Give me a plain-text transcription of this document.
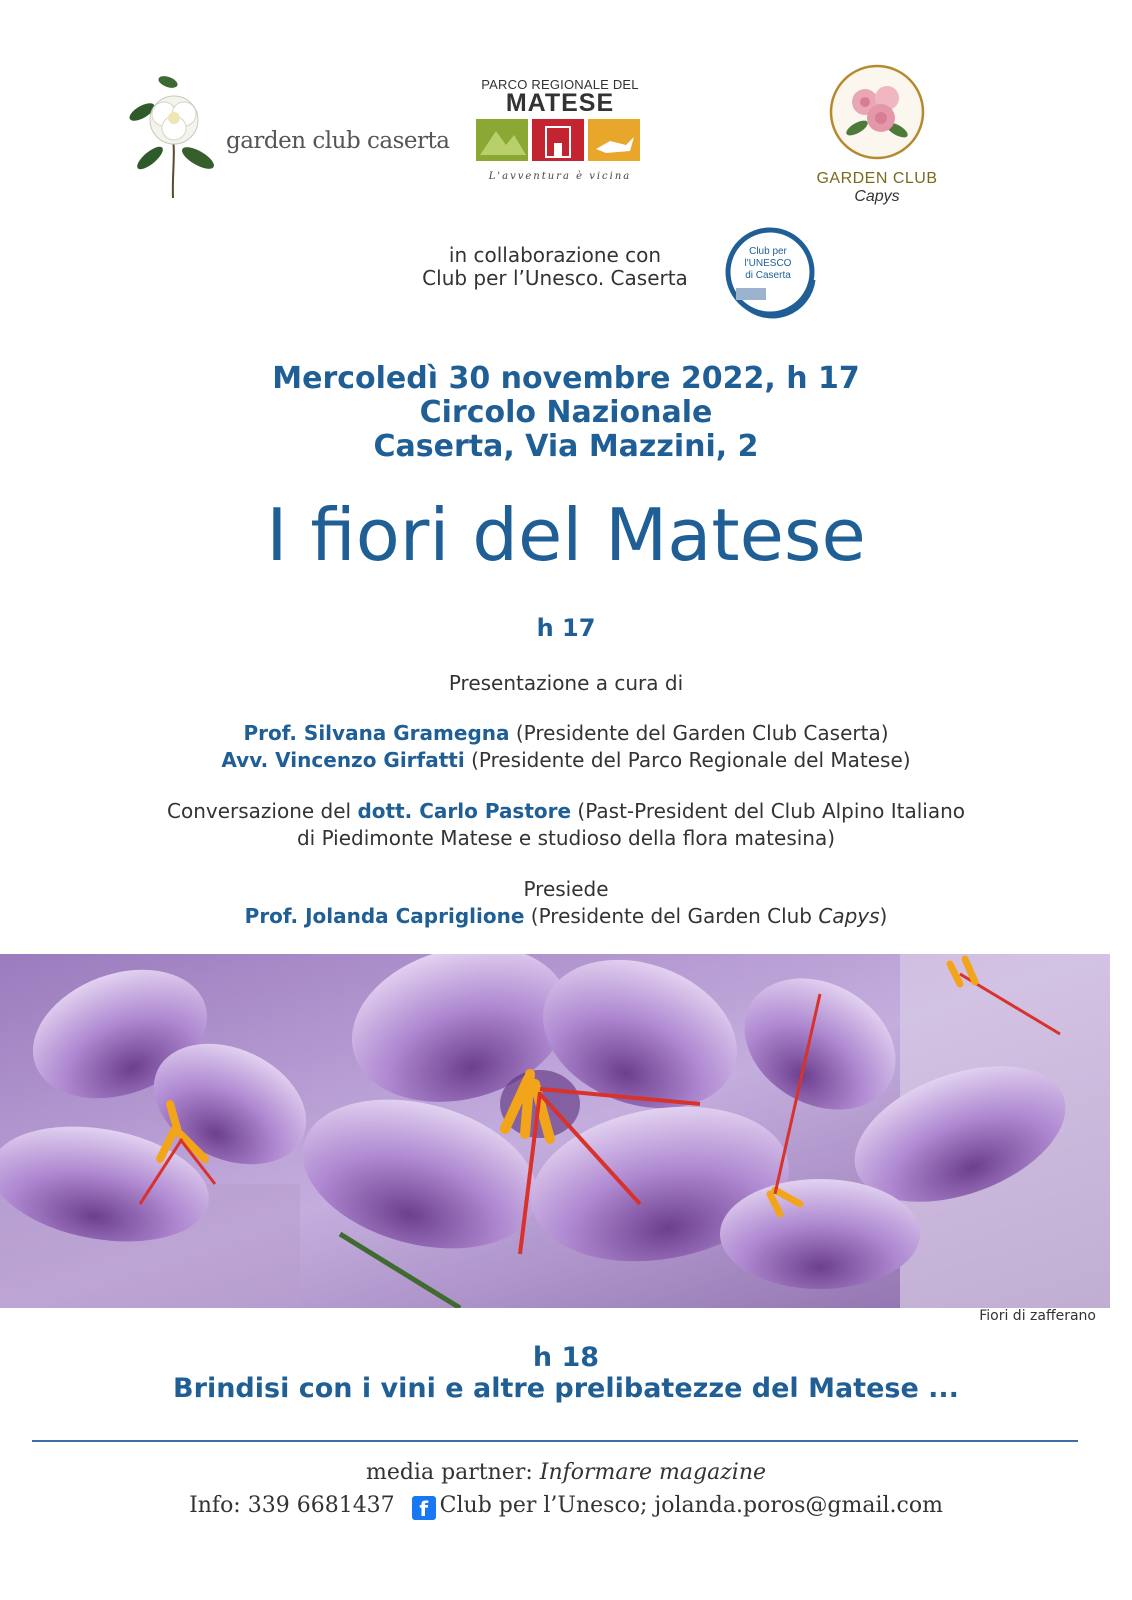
garden club caserta
PARCO REGIONALE DEL
MATESE
L'avventura è vicina	GARDEN CLUB
Capys
in collaborazione con
Club per l’Unesco. Caserta
Club per
l'UNESCO
di Caserta
Mercoledì 30 novembre 2022, h 17
Circolo Nazionale
Caserta, Via Mazzini, 2
I fiori del Matese
h 17
Presentazione a cura di
Prof. Silvana Gramegna (Presidente del Garden Club Caserta)
Avv. Vincenzo Girfatti (Presidente del Parco Regionale del Matese)
Conversazione del dott. Carlo Pastore (Past-President del Club Alpino Italiano
di Piedimonte Matese e studioso della flora matesina)
Presiede
Prof. Jolanda Capriglione (Presidente del Garden Club Capys)
Fiori di zafferano
h 18
Brindisi con i vini e altre prelibatezze del Matese ...
media partner: Informare magazine
Info: 339 6681437 f Club per l’Unesco; jolanda.poros@gmail.com
